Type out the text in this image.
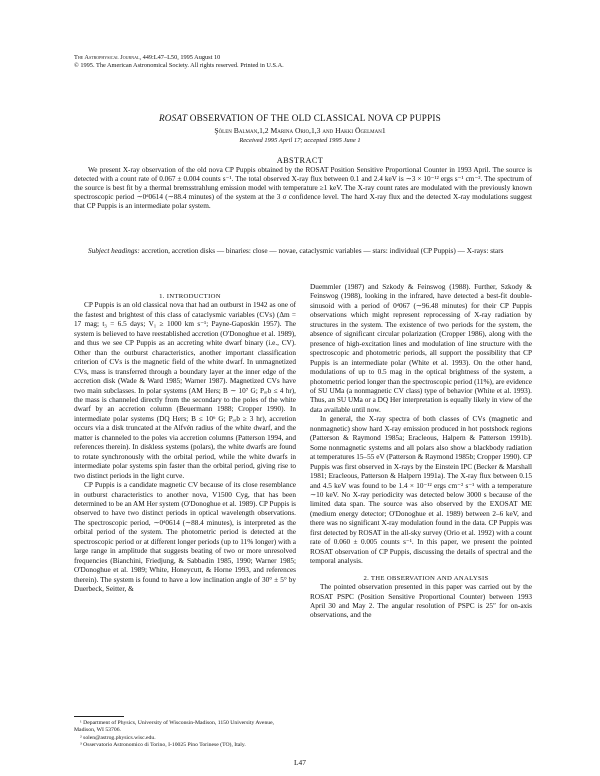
The Astrophysical Journal, 449:L47–L50, 1995 August 10
© 1995. The American Astronomical Society. All rights reserved. Printed in U.S.A.
ROSAT OBSERVATION OF THE OLD CLASSICAL NOVA CP PUPPIS
Şölen Balman,1,2 Marina Orio,1,3 and Hakki Ögelman1
Received 1995 April 17; accepted 1995 June 1
ABSTRACT

We present X-ray observation of the old nova CP Puppis obtained by the ROSAT Position Sensitive Proportional Counter in 1993 April. The source is detected with a count rate of 0.067 ± 0.004 counts s⁻¹. The total observed X-ray flux between 0.1 and 2.4 keV is ∼3 × 10⁻¹² ergs s⁻¹ cm⁻². The spectrum of the source is best fit by a thermal bremsstrahlung emission model with temperature ≥1 keV. The X-ray count rates are modulated with the previously known spectroscopic period ∼0ᵈ0614 (∼88.4 minutes) of the system at the 3 σ confidence level. The hard X-ray flux and the detected X-ray modulations suggest that CP Puppis is an intermediate polar system.

Subject headings: accretion, accretion disks — binaries: close — novae, cataclysmic variables — stars: individual (CP Puppis) — X-rays: stars

1. INTRODUCTION

CP Puppis is an old classical nova that had an outburst in 1942 as one of the fastest and brightest of this class of cataclysmic variables (CVs) (Δm = 17 mag; t₃ = 6.5 days; V₁ ≥ 1000 km s⁻¹; Payne-Gaposkin 1957). The system is believed to have reestablished accretion (O'Donoghue et al. 1989), and thus we see CP Puppis as an accreting white dwarf binary (i.e., CV). Other than the outburst characteristics, another important classification criterion of CVs is the magnetic field of the white dwarf. In unmagnetized CVs, mass is transferred through a boundary layer at the inner edge of the accretion disk (Wade & Ward 1985; Warner 1987). Magnetized CVs have two main subclasses. In polar systems (AM Hers; B ∼ 10⁷ G; Pₒᵣb ≤ 4 hr), the mass is channeled directly from the secondary to the poles of the white dwarf by an accretion column (Beuermann 1988; Cropper 1990). In intermediate polar systems (DQ Hers; B ≤ 10⁶ G; Pₒᵣb ≥ 3 hr), accretion occurs via a disk truncated at the Alfvén radius of the white dwarf, and the matter is channeled to the poles via accretion columns (Patterson 1994, and references therein). In diskless systems (polars), the white dwarfs are found to rotate synchronously with the orbital period, while the white dwarfs in intermediate polar systems spin faster than the orbital period, giving rise to two distinct periods in the light curve.

CP Puppis is a candidate magnetic CV because of its close resemblance in outburst characteristics to another nova, V1500 Cyg, that has been determined to be an AM Her system (O'Donoghue et al. 1989). CP Puppis is observed to have two distinct periods in optical wavelength observations. The spectroscopic period, ∼0ᵈ0614 (∼88.4 minutes), is interpreted as the orbital period of the system. The photometric period is detected at the spectroscopic period or at different longer periods (up to 11% longer) with a large range in amplitude that suggests beating of two or more unresolved frequencies (Bianchini, Friedjung, & Sabbadin 1985, 1990; Warner 1985; O'Donoghue et al. 1989; White, Honeycutt, & Horne 1993, and references therein). The system is found to have a low inclination angle of 30° ± 5° by Duerbeck, Seitter, &

Duemmler (1987) and Szkody & Feinswog (1988). Further, Szkody & Feinswog (1988), looking in the infrared, have detected a best-fit double-sinusoid with a period of 0ᵈ067 (∼96.48 minutes) for their CP Puppis observations which might represent reprocessing of X-ray radiation by structures in the system. The existence of two periods for the system, the absence of significant circular polarization (Cropper 1986), along with the presence of high-excitation lines and modulation of line structure with the spectroscopic and photometric periods, all support the possibility that CP Puppis is an intermediate polar (White et al. 1993). On the other hand, modulations of up to 0.5 mag in the optical brightness of the system, a photometric period longer than the spectroscopic period (11%), are evidence of SU UMa (a nonmagnetic CV class) type of behavior (White et al. 1993). Thus, an SU UMa or a DQ Her interpretation is equally likely in view of the data available until now.

In general, the X-ray spectra of both classes of CVs (magnetic and nonmagnetic) show hard X-ray emission produced in hot postshock regions (Patterson & Raymond 1985a; Eracleous, Halpern & Patterson 1991b). Some nonmagnetic systems and all polars also show a blackbody radiation at temperatures 15–55 eV (Patterson & Raymond 1985b; Cropper 1990). CP Puppis was first observed in X-rays by the Einstein IPC (Becker & Marshall 1981; Eracleous, Patterson & Halpern 1991a). The X-ray flux between 0.15 and 4.5 keV was found to be 1.4 × 10⁻¹² ergs cm⁻² s⁻¹ with a temperature ∼10 keV. No X-ray periodicity was detected below 3000 s because of the limited data span. The source was also observed by the EXOSAT ME (medium energy detector; O'Donoghue et al. 1989) between 2–6 keV, and there was no significant X-ray modulation found in the data. CP Puppis was first detected by ROSAT in the all-sky survey (Orio et al. 1992) with a count rate of 0.060 ± 0.005 counts s⁻¹. In this paper, we present the pointed ROSAT observation of CP Puppis, discussing the details of spectral and the temporal analysis.

2. THE OBSERVATION AND ANALYSIS

The pointed observation presented in this paper was carried out by the ROSAT PSPC (Position Sensitive Proportional Counter) between 1993 April 30 and May 2. The angular resolution of PSPC is 25″ for on-axis observations, and the

¹ Department of Physics, University of Wisconsin-Madison, 1150 University Avenue, Madison, WI 53706.
² solen@astrog.physics.wisc.edu.
³ Osservatorio Astronomico di Torino, I-10025 Pino Torinese (TO), Italy.
L47
